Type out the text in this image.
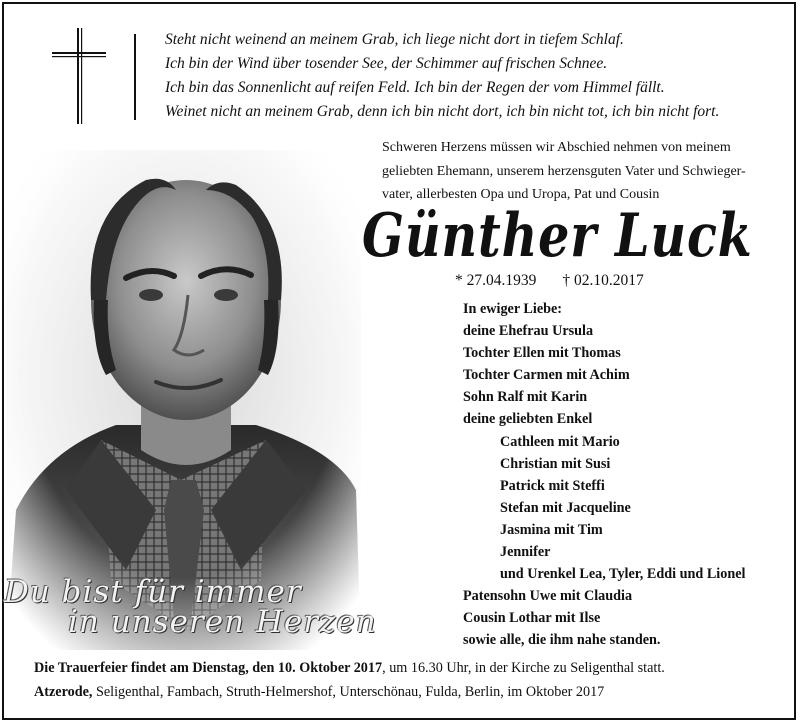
Steht nicht weinend an meinem Grab, ich liege nicht dort in tiefem Schlaf.
Ich bin der Wind über tosender See, der Schimmer auf frischen Schnee.
Ich bin das Sonnenlicht auf reifen Feld. Ich bin der Regen der vom Himmel fällt.
Weinet nicht an meinem Grab, denn ich bin nicht dort, ich bin nicht tot, ich bin nicht fort.
Schweren Herzens müssen wir Abschied nehmen von meinem
geliebten Ehemann, unserem herzensguten Vater und Schwieger-
vater, allerbesten Opa und Uropa, Pat und Cousin
Günther Luck
* 27.04.1939 † 02.10.2017
In ewiger Liebe:
deine Ehefrau Ursula
Tochter Ellen mit Thomas
Tochter Carmen mit Achim
Sohn Ralf mit Karin
deine geliebten Enkel
Cathleen mit Mario
Christian mit Susi
Patrick mit Steffi
Stefan mit Jacqueline
Jasmina mit Tim
Jennifer
und Urenkel Lea, Tyler, Eddi und Lionel
Patensohn Uwe mit Claudia
Cousin Lothar mit Ilse
sowie alle, die ihm nahe standen.
Du bist für immer
in unseren Herzen
Die Trauerfeier findet am Dienstag, den 10. Oktober 2017, um 16.30 Uhr, in der Kirche zu Seligenthal statt.
Atzerode, Seligenthal, Fambach, Struth-Helmershof, Unterschönau, Fulda, Berlin, im Oktober 2017
